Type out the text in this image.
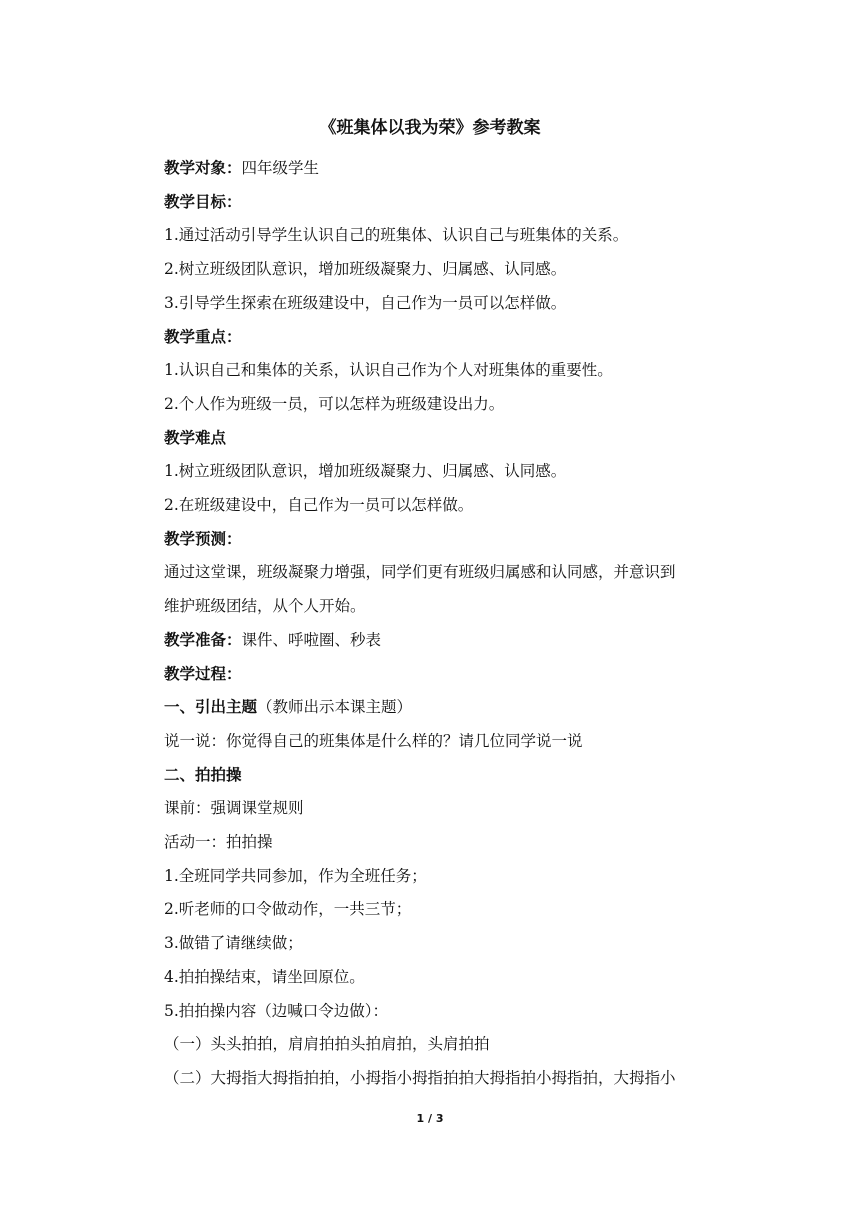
《班集体以我为荣》参考教案
教学对象：四年级学生
教学目标：
1.通过活动引导学生认识自己的班集体、认识自己与班集体的关系。
2.树立班级团队意识，增加班级凝聚力、归属感、认同感。
3.引导学生探索在班级建设中，自己作为一员可以怎样做。
教学重点：
1.认识自己和集体的关系，认识自己作为个人对班集体的重要性。
2.个人作为班级一员，可以怎样为班级建设出力。
教学难点
1.树立班级团队意识，增加班级凝聚力、归属感、认同感。
2.在班级建设中，自己作为一员可以怎样做。
教学预测：
通过这堂课，班级凝聚力增强，同学们更有班级归属感和认同感，并意识到
维护班级团结，从个人开始。
教学准备：课件、呼啦圈、秒表
教学过程：
一、引出主题（教师出示本课主题）
说一说：你觉得自己的班集体是什么样的？请几位同学说一说
二、拍拍操
课前：强调课堂规则
活动一：拍拍操
1.全班同学共同参加，作为全班任务；
2.听老师的口令做动作，一共三节；
3.做错了请继续做；
4.拍拍操结束，请坐回原位。
5.拍拍操内容（边喊口令边做）：
（一）头头拍拍，肩肩拍拍头拍肩拍，头肩拍拍
（二）大拇指大拇指拍拍，小拇指小拇指拍拍大拇指拍小拇指拍，大拇指小
1 / 3
